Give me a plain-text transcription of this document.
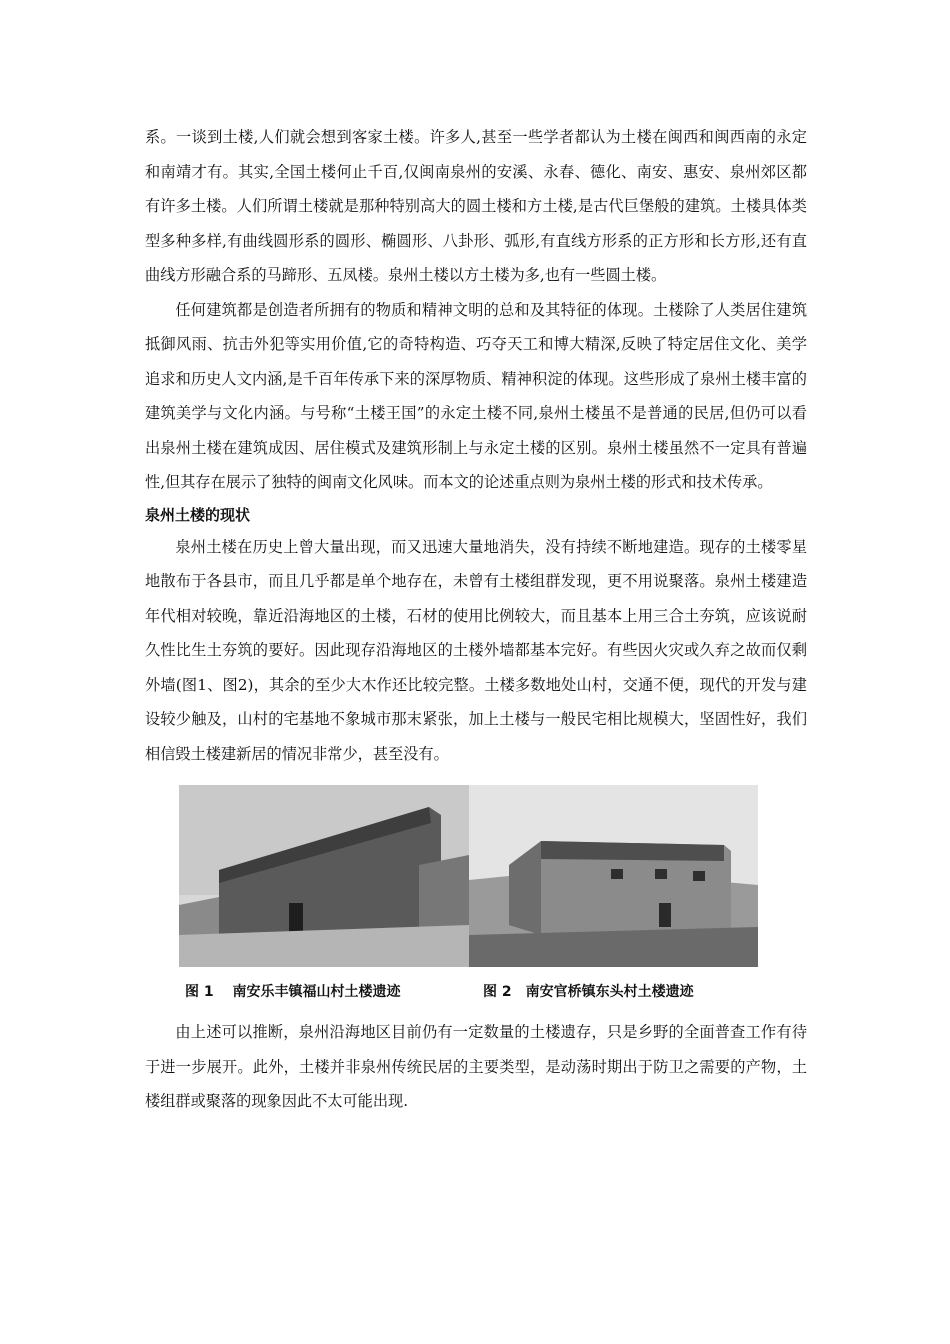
系。一谈到土楼,人们就会想到客家土楼。许多人,甚至一些学者都认为土楼在闽西和闽西南的永定和南靖才有。其实,全国土楼何止千百,仅闽南泉州的安溪、永春、德化、南安、惠安、泉州郊区都有许多土楼。人们所谓土楼就是那种特别高大的圆土楼和方土楼,是古代巨堡般的建筑。土楼具体类型多种多样,有曲线圆形系的圆形、椭圆形、八卦形、弧形,有直线方形系的正方形和长方形,还有直曲线方形融合系的马蹄形、五凤楼。泉州土楼以方土楼为多,也有一些圆土楼。

任何建筑都是创造者所拥有的物质和精神文明的总和及其特征的体现。土楼除了人类居住建筑抵御风雨、抗击外犯等实用价值,它的奇特构造、巧夺天工和博大精深,反映了特定居住文化、美学追求和历史人文内涵,是千百年传承下来的深厚物质、精神积淀的体现。这些形成了泉州土楼丰富的建筑美学与文化内涵。与号称“土楼王国”的永定土楼不同,泉州土楼虽不是普通的民居,但仍可以看出泉州土楼在建筑成因、居住模式及建筑形制上与永定土楼的区别。泉州土楼虽然不一定具有普遍性,但其存在展示了独特的闽南文化风味。而本文的论述重点则为泉州土楼的形式和技术传承。

泉州土楼的现状

泉州土楼在历史上曾大量出现，而又迅速大量地消失，没有持续不断地建造。现存的土楼零星地散布于各县市，而且几乎都是单个地存在，未曾有土楼组群发现，更不用说聚落。泉州土楼建造年代相对较晚，靠近沿海地区的土楼，石材的使用比例较大，而且基本上用三合土夯筑，应该说耐久性比生土夯筑的要好。因此现存沿海地区的土楼外墙都基本完好。有些因火灾或久弃之故而仅剩外墙(图1、图2)，其余的至少大木作还比较完整。土楼多数地处山村，交通不便，现代的开发与建设较少触及，山村的宅基地不象城市那末紧张，加上土楼与一般民宅相比规模大，坚固性好，我们相信毁土楼建新居的情况非常少，甚至没有。

图 1　 南安乐丰镇福山村土楼遗迹	图 2　南安官桥镇东头村土楼遗迹

由上述可以推断，泉州沿海地区目前仍有一定数量的土楼遗存，只是乡野的全面普查工作有待于进一步展开。此外，土楼并非泉州传统民居的主要类型，是动荡时期出于防卫之需要的产物，土楼组群或聚落的现象因此不太可能出现.
